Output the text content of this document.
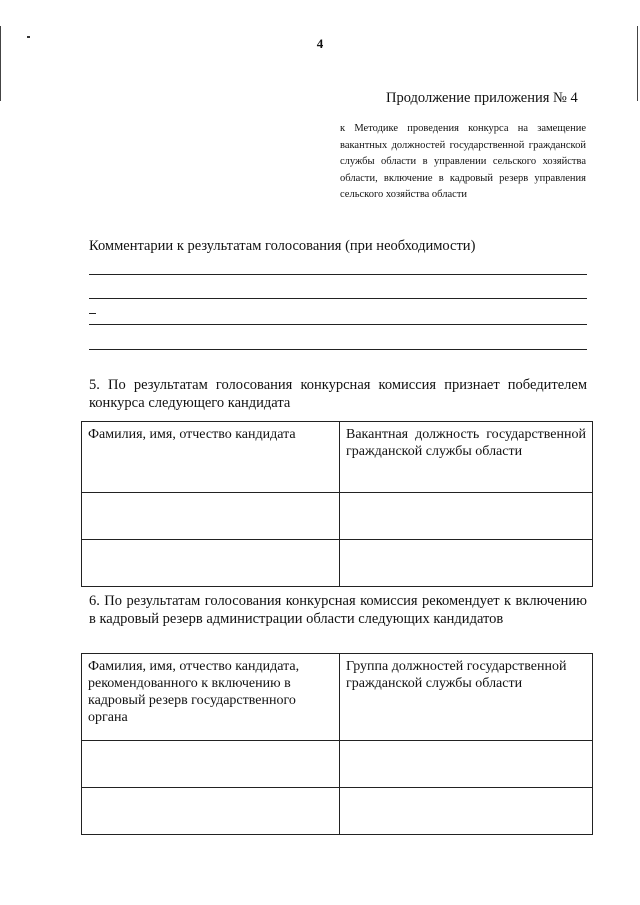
4
Продолжение приложения № 4
к Методике проведения конкурса на замещение вакантных должностей государственной гражданской службы области в управлении сельского хозяйства области, включение в кадровый резерв управления сельского хозяйства области
Комментарии к результатам голосования (при необходимости)
5. По результатам голосования конкурсная комиссия признает победителем конкурса следующего кандидата
Фамилия, имя, отчество кандидата	Вакантная должность государственной гражданской службы области

6. По результатам голосования конкурсная комиссия рекомендует к включению в кадровый резерв администрации области следующих кандидатов
Фамилия, имя, отчество кандидата, рекомендованного к включению в кадровый резерв государственного органа	Группа должностей государственной гражданской службы области
